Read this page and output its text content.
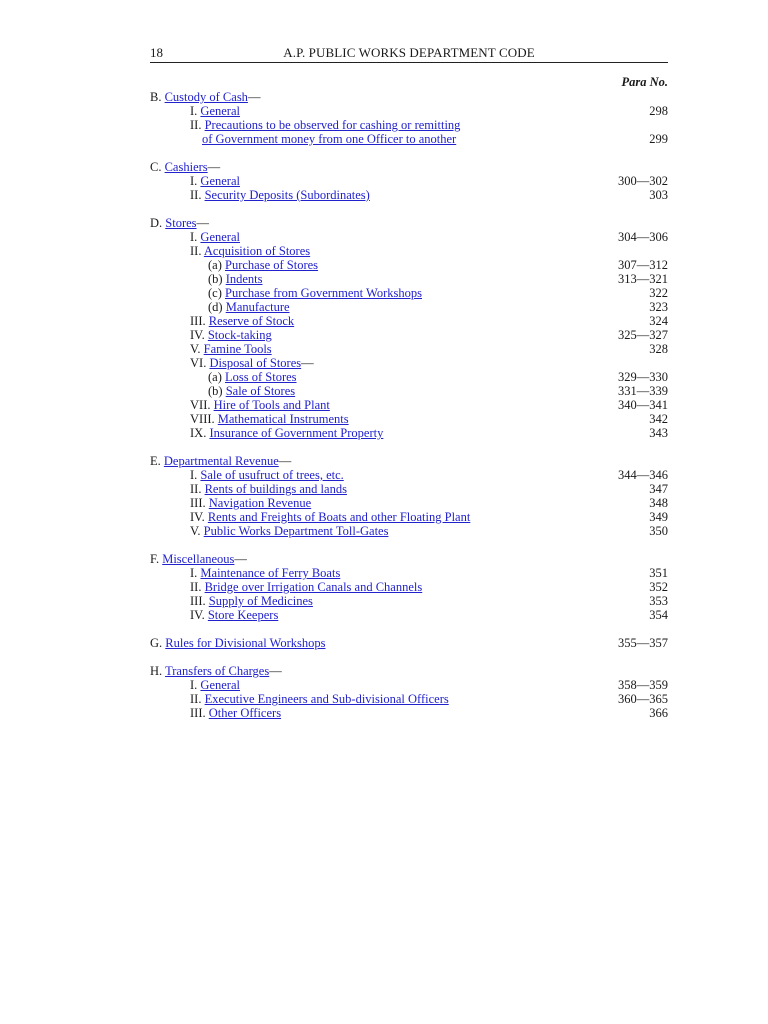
18	A.P. PUBLIC WORKS DEPARTMENT CODE
Para No.
B. Custody of Cash—
I. General	298
II. Precautions to be observed for cashing or remitting
of Government money from one Officer to another	299
C. Cashiers—
I. General	300—302
II. Security Deposits (Subordinates)	303
D. Stores—
I. General	304—306
II. Acquisition of Stores
(a) Purchase of Stores	307—312
(b) Indents	313—321
(c) Purchase from Government Workshops	322
(d) Manufacture	323
III. Reserve of Stock	324
IV. Stock-taking	325—327
V. Famine Tools	328
VI. Disposal of Stores—
(a) Loss of Stores	329—330
(b) Sale of Stores	331—339
VII. Hire of Tools and Plant	340—341
VIII. Mathematical Instruments	342
IX. Insurance of Government Property	343
E. Departmental Revenue—
I. Sale of usufruct of trees, etc.	344—346
II. Rents of buildings and lands	347
III. Navigation Revenue	348
IV. Rents and Freights of Boats and other Floating Plant	349
V. Public Works Department Toll-Gates	350
F. Miscellaneous—
I. Maintenance of Ferry Boats	351
II. Bridge over Irrigation Canals and Channels	352
III. Supply of Medicines	353
IV. Store Keepers	354
G. Rules for Divisional Workshops	355—357
H. Transfers of Charges—
I. General	358—359
II. Executive Engineers and Sub-divisional Officers	360—365
III. Other Officers	366
